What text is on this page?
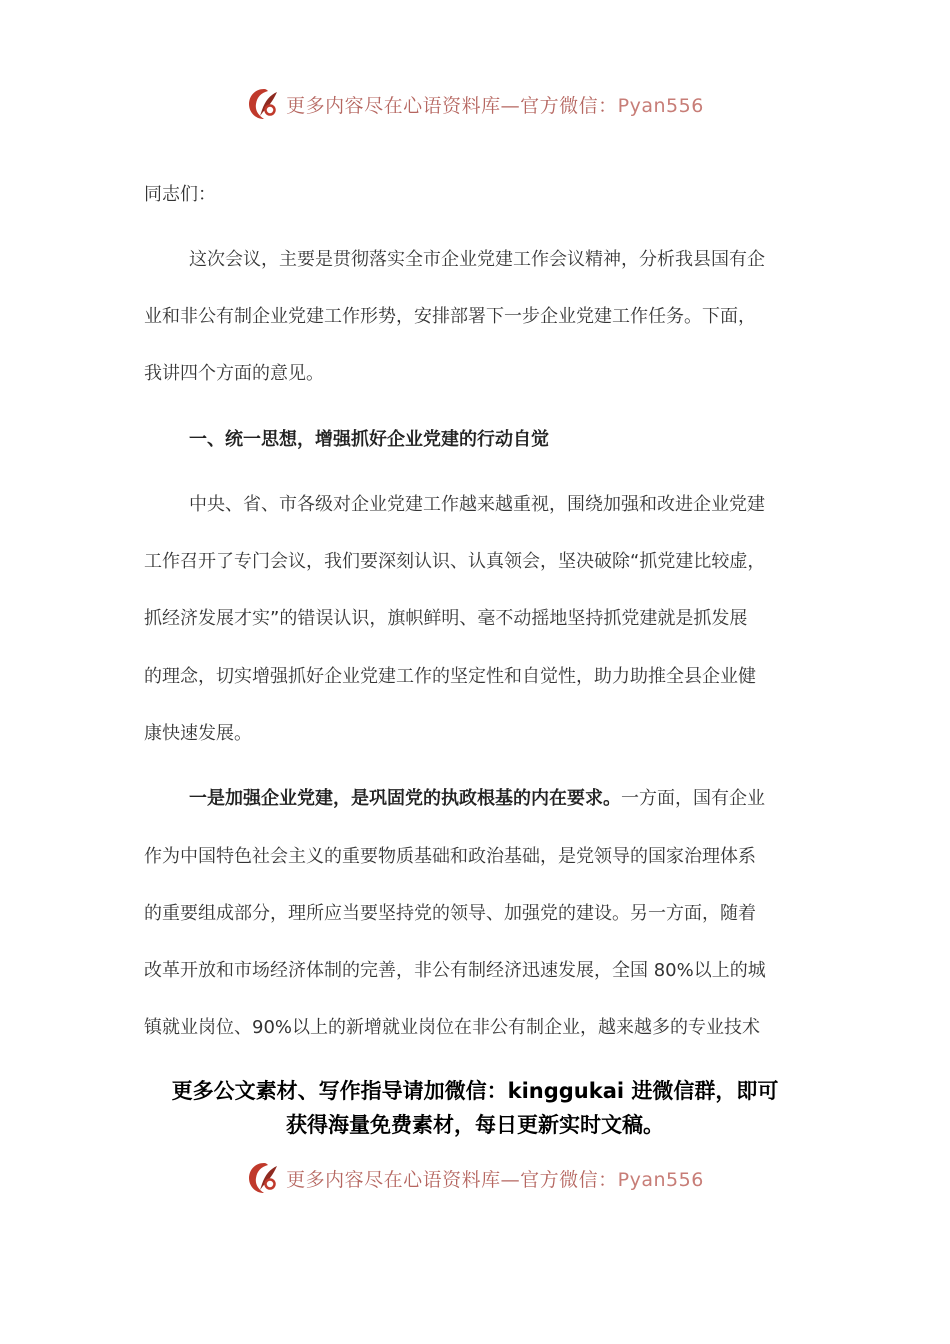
更多内容尽在心语资料库—官方微信：Pyan556
同志们：
这次会议，主要是贯彻落实全市企业党建工作会议精神，分析我县国有企
业和非公有制企业党建工作形势，安排部署下一步企业党建工作任务。下面，
我讲四个方面的意见。
一、统一思想，增强抓好企业党建的行动自觉
中央、省、市各级对企业党建工作越来越重视，围绕加强和改进企业党建
工作召开了专门会议，我们要深刻认识、认真领会，坚决破除“抓党建比较虚，
抓经济发展才实”的错误认识，旗帜鲜明、毫不动摇地坚持抓党建就是抓发展
的理念，切实增强抓好企业党建工作的坚定性和自觉性，助力助推全县企业健
康快速发展。
一是加强企业党建，是巩固党的执政根基的内在要求。一方面，国有企业
作为中国特色社会主义的重要物质基础和政治基础，是党领导的国家治理体系
的重要组成部分，理所应当要坚持党的领导、加强党的建设。另一方面，随着
改革开放和市场经济体制的完善，非公有制经济迅速发展，全国 80%以上的城
镇就业岗位、90%以上的新增就业岗位在非公有制企业，越来越多的专业技术
更多公文素材、写作指导请加微信：kinggukai 进微信群，即可
获得海量免费素材，每日更新实时文稿。
更多内容尽在心语资料库—官方微信：Pyan556
